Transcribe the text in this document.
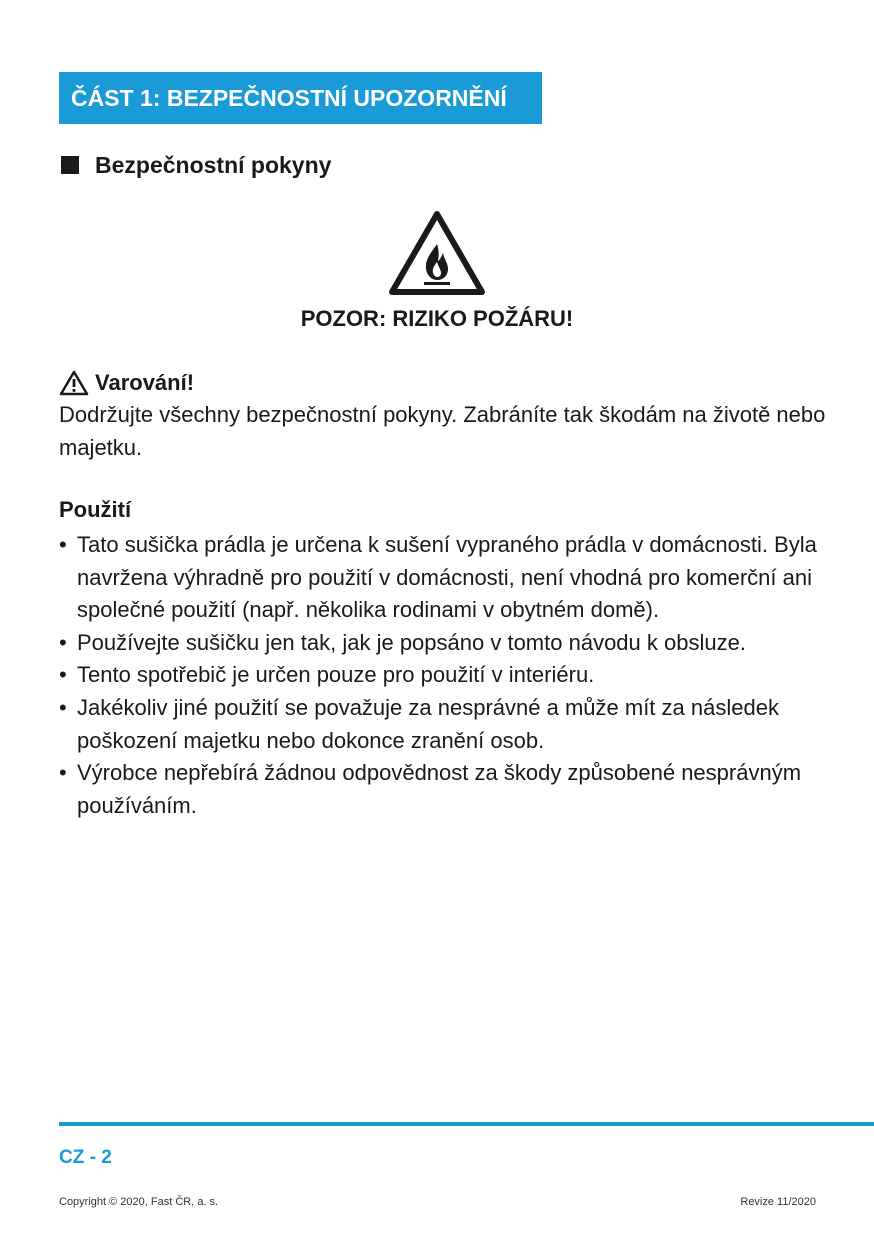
ČÁST 1: BEZPEČNOSTNÍ UPOZORNĚNÍ
Bezpečnostní pokyny
POZOR: RIZIKO POŽÁRU!
Varování!
Dodržujte všechny bezpečnostní pokyny. Zabráníte tak škodám na životě nebo majetku.
Použití
• Tato sušička prádla je určena k sušení vypraného prádla v domácnosti. Byla navržena výhradně pro použití v domácnosti, není vhodná pro komerční ani společné použití (např. několika rodinami v obytném domě).
• Používejte sušičku jen tak, jak je popsáno v tomto návodu k obsluze.
• Tento spotřebič je určen pouze pro použití v interiéru.
• Jakékoliv jiné použití se považuje za nesprávné a může mít za následek poškození majetku nebo dokonce zranění osob.
• Výrobce nepřebírá žádnou odpovědnost za škody způsobené nesprávným používáním.
CZ - 2
Copyright © 2020, Fast ČR, a. s.	Revize 11/2020
